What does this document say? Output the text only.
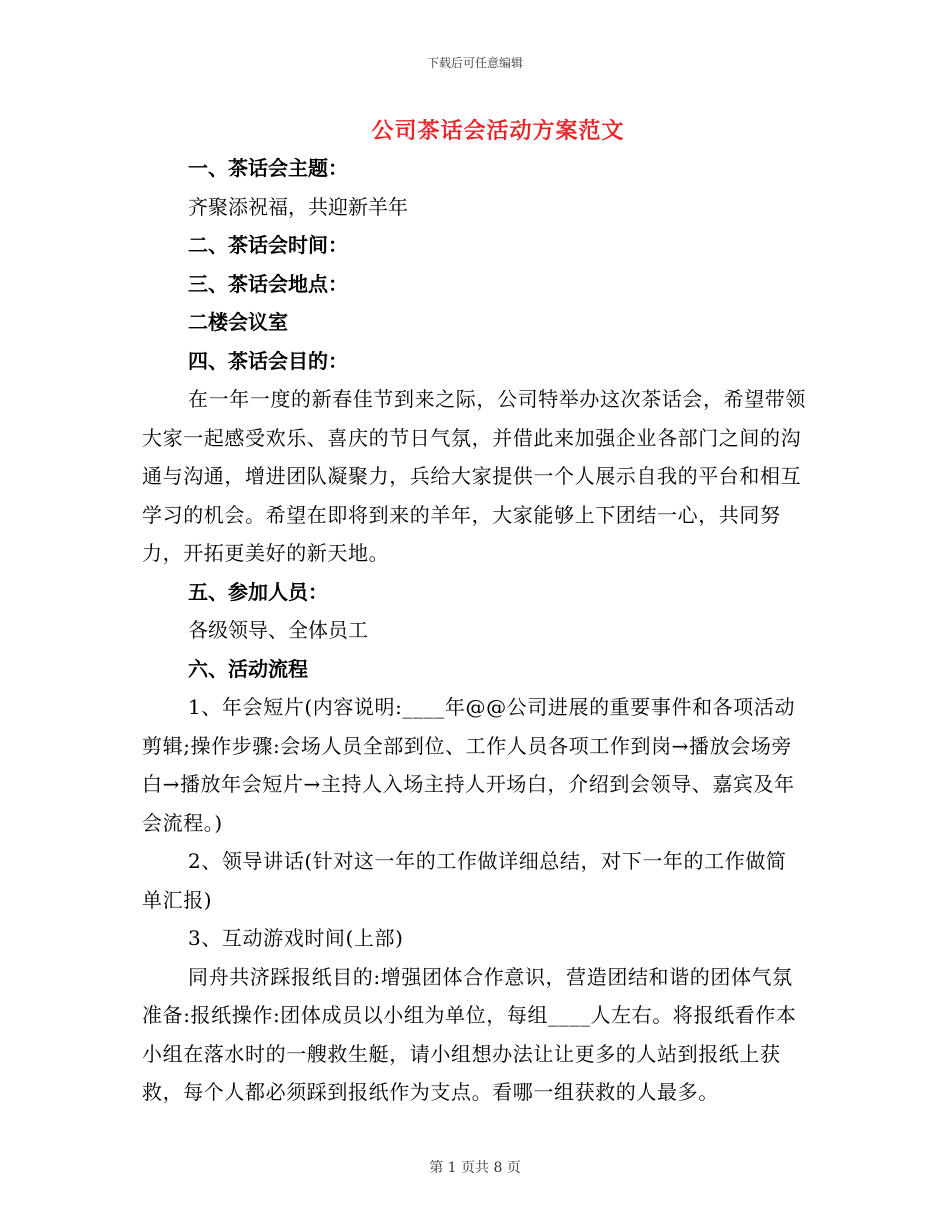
下载后可任意编辑
公司茶话会活动方案范文
一、茶话会主题：
齐聚添祝福，共迎新羊年
二、茶话会时间：
三、茶话会地点：
二楼会议室
四、茶话会目的：
在一年一度的新春佳节到来之际，公司特举办这次茶话会，希望带领大家一起感受欢乐、喜庆的节日气氛，并借此来加强企业各部门之间的沟通与沟通，增进团队凝聚力，兵给大家提供一个人展示自我的平台和相互学习的机会。希望在即将到来的羊年，大家能够上下团结一心，共同努力，开拓更美好的新天地。
五、参加人员：
各级领导、全体员工
六、活动流程
1、年会短片(内容说明:____年@@公司进展的重要事件和各项活动剪辑;操作步骤:会场人员全部到位、工作人员各项工作到岗→播放会场旁白→播放年会短片→主持人入场主持人开场白，介绍到会领导、嘉宾及年会流程。)
2、领导讲话(针对这一年的工作做详细总结，对下一年的工作做简单汇报)
3、互动游戏时间(上部)
同舟共济踩报纸目的:增强团体合作意识，营造团结和谐的团体气氛准备:报纸操作:团体成员以小组为单位，每组____人左右。将报纸看作本小组在落水时的一艘救生艇，请小组想办法让让更多的人站到报纸上获救，每个人都必须踩到报纸作为支点。看哪一组获救的人最多。
第 1 页共 8 页
